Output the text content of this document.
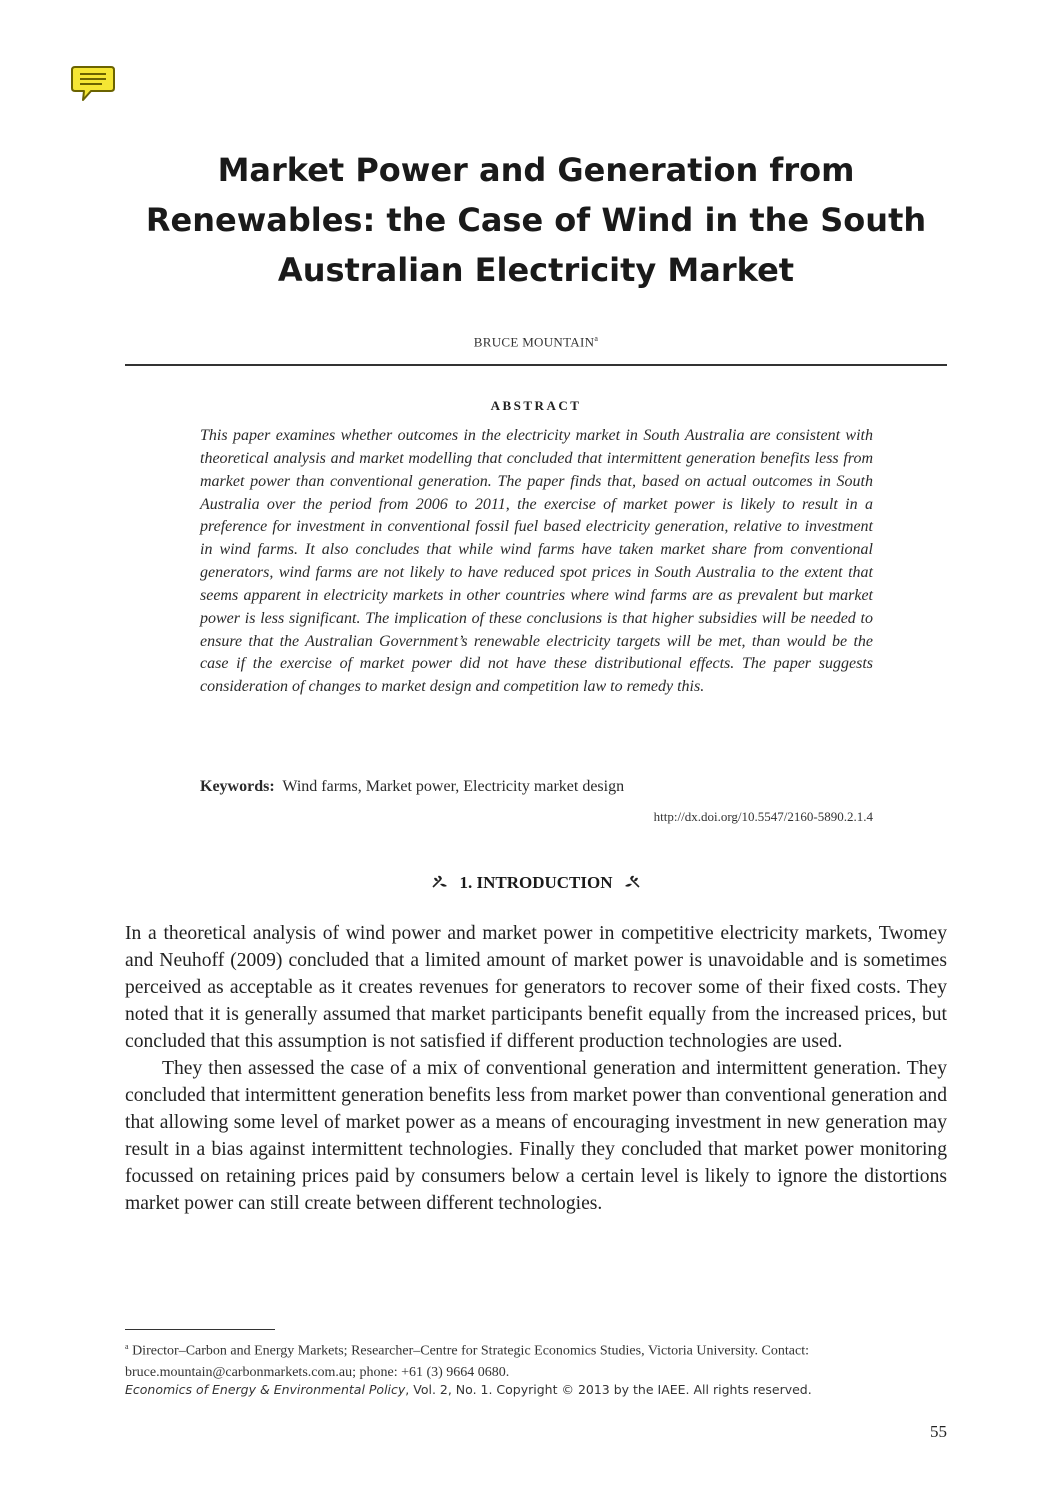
Market Power and Generation from
Renewables: the Case of Wind in the South
Australian Electricity Market
BRUCE MOUNTAIN$^a$
ABSTRACT
This paper examines whether outcomes in the electricity market in South Australia are consistent with theoretical analysis and market modelling that concluded that intermittent generation benefits less from market power than conventional generation. The paper finds that, based on actual outcomes in South Australia over the period from 2006 to 2011, the exercise of market power is likely to result in a preference for investment in conventional fossil fuel based electricity generation, relative to investment in wind farms. It also concludes that while wind farms have taken market share from conventional generators, wind farms are not likely to have reduced spot prices in South Australia to the extent that seems apparent in electricity markets in other countries where wind farms are as prevalent but market power is less significant. The implication of these conclusions is that higher subsidies will be needed to ensure that the Australian Government’s renewable electricity targets will be met, than would be the case if the exercise of market power did not have these distributional effects. The paper suggests consideration of changes to market design and competition law to remedy this.
Keywords: Wind farms, Market power, Electricity market design
http://dx.doi.org/10.5547/2160-5890.2.1.4
1. INTRODUCTION

In a theoretical analysis of wind power and market power in competitive electricity markets, Twomey and Neuhoff (2009) concluded that a limited amount of market power is unavoidable and is sometimes perceived as acceptable as it creates revenues for generators to recover some of their fixed costs. They noted that it is generally assumed that market participants benefit equally from the increased prices, but concluded that this assumption is not satisfied if different production technologies are used.

They then assessed the case of a mix of conventional generation and intermittent generation. They concluded that intermittent generation benefits less from market power than conventional generation and that allowing some level of market power as a means of encouraging investment in new generation may result in a bias against intermittent technologies. Finally they concluded that market power monitoring focussed on retaining prices paid by consumers below a certain level is likely to ignore the distortions market power can still create between different technologies.

$^a$ Director–Carbon and Energy Markets; Researcher–Centre for Strategic Economics Studies, Victoria University. Contact: bruce.mountain@carbonmarkets.com.au; phone: +61 (3) 9664 0680.
Economics of Energy & Environmental Policy, Vol. 2, No. 1. Copyright © 2013 by the IAEE. All rights reserved.
55
